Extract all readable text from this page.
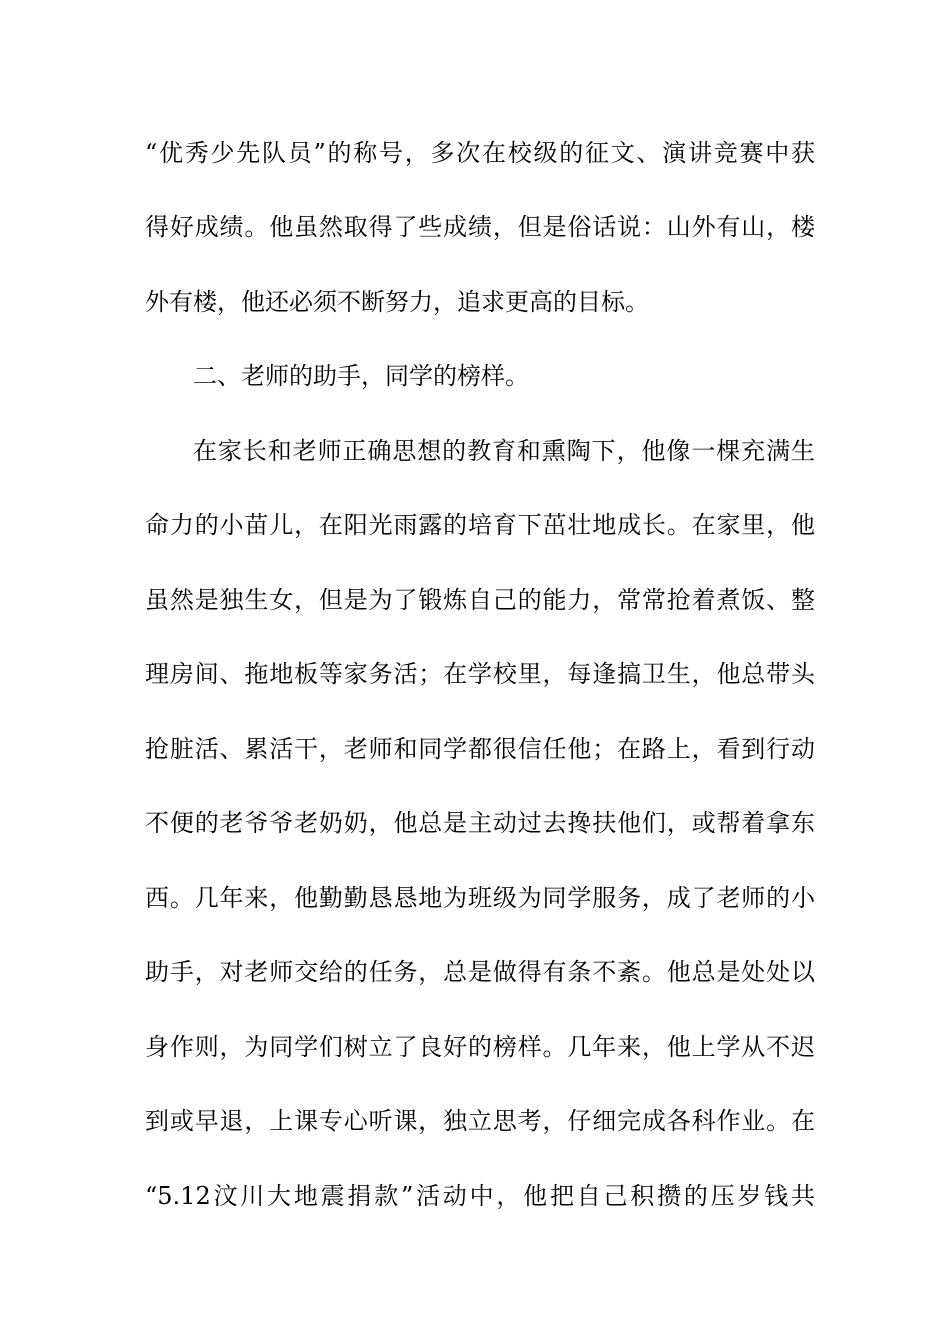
“优秀少先队员”的称号，多次在校级的征文、演讲竞赛中获
得好成绩。他虽然取得了些成绩，但是俗话说：山外有山，楼
外有楼，他还必须不断努力，追求更高的目标。
二、老师的助手，同学的榜样。
在家长和老师正确思想的教育和熏陶下，他像一棵充满生
命力的小苗儿，在阳光雨露的培育下茁壮地成长。在家里，他
虽然是独生女，但是为了锻炼自己的能力，常常抢着煮饭、整
理房间、拖地板等家务活；在学校里，每逢搞卫生，他总带头
抢脏活、累活干，老师和同学都很信任他；在路上，看到行动
不便的老爷爷老奶奶，他总是主动过去搀扶他们，或帮着拿东
西。几年来，他勤勤恳恳地为班级为同学服务，成了老师的小
助手，对老师交给的任务，总是做得有条不紊。他总是处处以
身作则，为同学们树立了良好的榜样。几年来，他上学从不迟
到或早退，上课专心听课，独立思考，仔细完成各科作业。在
“5.12汶川大地震捐款”活动中，他把自己积攒的压岁钱共
